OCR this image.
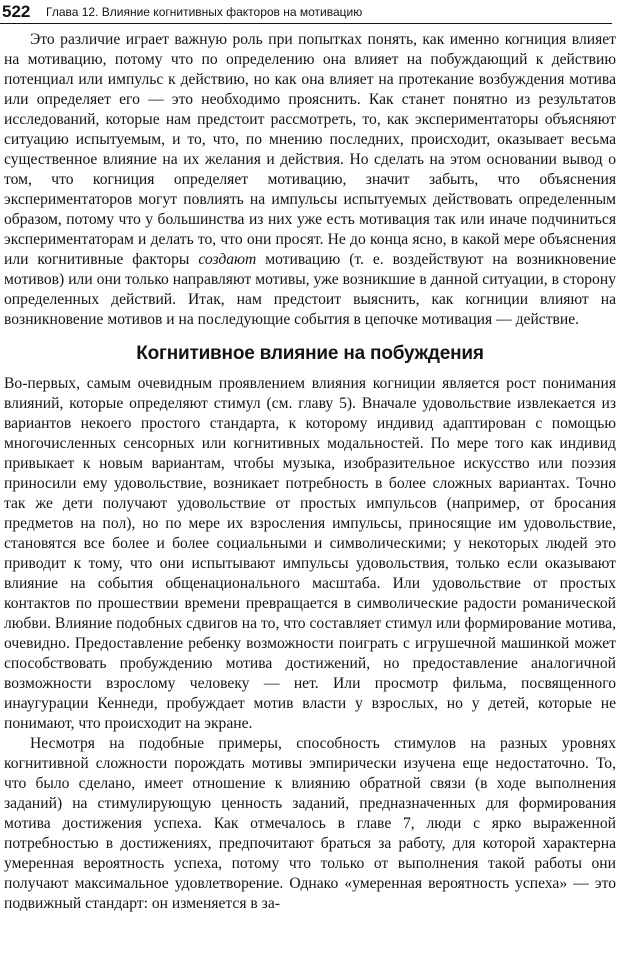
522 Глава 12. Влияние когнитивных факторов на мотивацию

Это различие играет важную роль при попытках понять, как именно когниция влияет на мотивацию, потому что по определению она влияет на побуждающий к действию потенциал или импульс к действию, но как она влияет на протекание возбуждения мотива или определяет его — это необходимо прояснить. Как станет понятно из результатов исследований, которые нам предстоит рассмотреть, то, как экспериментаторы объясняют ситуацию испытуемым, и то, что, по мнению последних, происходит, оказывает весьма существенное влияние на их желания и действия. Но сделать на этом основании вывод о том, что когниция определяет мотивацию, значит забыть, что объяснения экспериментаторов могут повлиять на импульсы испытуемых действовать определенным образом, потому что у большинства из них уже есть мотивация так или иначе подчиниться экспериментаторам и делать то, что они просят. Не до конца ясно, в какой мере объяснения или когнитивные факторы создают мотивацию (т. е. воздействуют на возникновение мотивов) или они только направляют мотивы, уже возникшие в данной ситуации, в сторону определенных действий. Итак, нам предстоит выяснить, как когниции влияют на возникновение мотивов и на последующие события в цепочке мотивация — действие.

Когнитивное влияние на побуждения

Во-первых, самым очевидным проявлением влияния когниции является рост понимания влияний, которые определяют стимул (см. главу 5). Вначале удовольствие извлекается из вариантов некоего простого стандарта, к которому индивид адаптирован с помощью многочисленных сенсорных или когнитивных модальностей. По мере того как индивид привыкает к новым вариантам, чтобы музыка, изобразительное искусство или поэзия приносили ему удовольствие, возникает потребность в более сложных вариантах. Точно так же дети получают удовольствие от простых импульсов (например, от бросания предметов на пол), но по мере их взросления импульсы, приносящие им удовольствие, становятся все более и более социальными и символическими; у некоторых людей это приводит к тому, что они испытывают импульсы удовольствия, только если оказывают влияние на события общенационального масштаба. Или удовольствие от простых контактов по прошествии времени превращается в символические радости романической любви. Влияние подобных сдвигов на то, что составляет стимул или формирование мотива, очевидно. Предоставление ребенку возможности поиграть с игрушечной машинкой может способствовать пробуждению мотива достижений, но предоставление аналогичной возможности взрослому человеку — нет. Или просмотр фильма, посвященного инаугурации Кеннеди, пробуждает мотив власти у взрослых, но у детей, которые не понимают, что происходит на экране.

Несмотря на подобные примеры, способность стимулов на разных уровнях когнитивной сложности порождать мотивы эмпирически изучена еще недостаточно. То, что было сделано, имеет отношение к влиянию обратной связи (в ходе выполнения заданий) на стимулирующую ценность заданий, предназначенных для формирования мотива достижения успеха. Как отмечалось в главе 7, люди с ярко выраженной потребностью в достижениях, предпочитают браться за работу, для которой характерна умеренная вероятность успеха, потому что только от выполнения такой работы они получают максимальное удовлетворение. Однако «умеренная вероятность успеха» — это подвижный стандарт: он изменяется в за-
